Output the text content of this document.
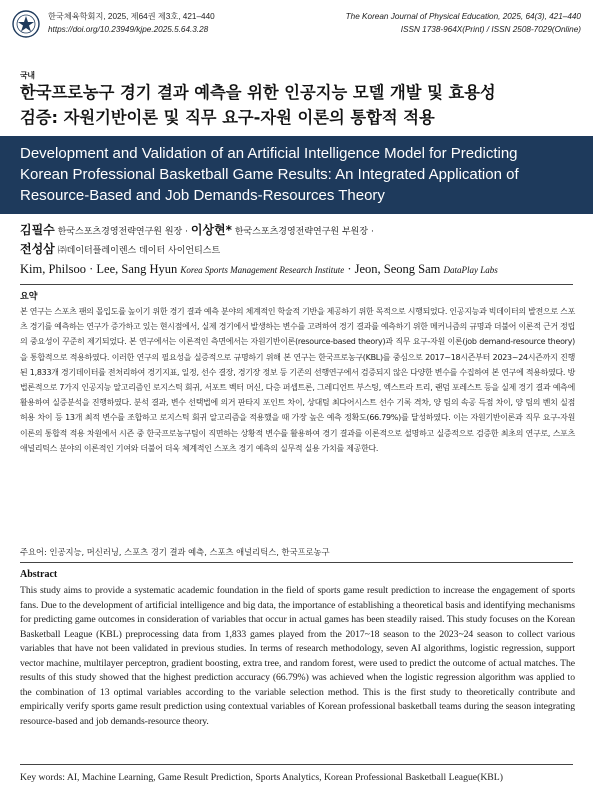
한국체육학회지, 2025, 제64권 제3호, 421–440
https://doi.org/10.23949/kjpe.2025.5.64.3.28
The Korean Journal of Physical Education, 2025, 64(3), 421–440
ISSN 1738-964X(Print) / ISSN 2508-7029(Online)
국내
한국프로농구 경기 결과 예측을 위한 인공지능 모델 개발 및 효용성
검증: 자원기반이론 및 직무 요구-자원 이론의 통합적 적용
Development and Validation of an Artificial Intelligence Model for Predicting
Korean Professional Basketball Game Results: An Integrated Application of
Resource-Based and Job Demands-Resources Theory
김필수 한국스포츠경영전략연구원 원장 · 이상현* 한국스포츠경영전략연구원 부원장 ·
전성삼 ㈜데이터플레이렌스 데이터 사이언티스트
Kim, Philsoo · Lee, Sang Hyun Korea Sports Management Research Institute · Jeon, Seong Sam DataPlay Labs
요약
본 연구는 스포츠 팬의 몰입도를 높이기 위한 경기 결과 예측 분야의 체계적인 학술적 기반을 제공하기 위한 목적으로 시행되었다. 인공지능과 빅데이터의 발전으로 스포츠 경기를 예측하는 연구가 증가하고 있는 현시점에서, 실제 경기에서 발생하는 변수를 고려하여 경기 결과를 예측하기 위한 메커니즘의 규명과 더불어 이론적 근거 정립의 중요성이 꾸준히 제기되었다. 본 연구에서는 이론적인 측면에서는 자원기반이론(resource-based theory)과 직무 요구-자원 이론(job demand-resource theory)을 통합적으로 적용하였다. 이러한 연구의 필요성을 실증적으로 규명하기 위해 본 연구는 한국프로농구(KBL)를 중심으로 2017~18시즌부터 2023~24시즌까지 진행된 1,833개 경기데이터를 전처리하여 경기지표, 일정, 선수 결장, 경기장 정보 등 기존의 선행연구에서 검증되지 않은 다양한 변수를 수집하여 본 연구에 적용하였다. 방법론적으로 7가지 인공지능 알고리즘인 로지스틱 회귀, 서포트 벡터 머신, 다층 퍼셉트론, 그레디언트 부스팅, 엑스트라 트리, 랜덤 포레스트 등을 실제 경기 결과 예측에 활용하여 실증분석을 진행하였다. 분석 결과, 변수 선택법에 의거 판타지 포인트 차이, 상대팀 최다어시스트 선수 기록 격차, 양 팀의 속공 득점 차이, 양 팀의 벤치 실점 허용 차이 등 13개 최적 변수를 조합하고 로지스틱 회귀 알고리즘을 적용했을 때 가장 높은 예측 정확도(66.79%)를 달성하였다. 이는 자원기반이론과 직무 요구-자원 이론의 통합적 적용 차원에서 시즌 중 한국프로농구팀이 직면하는 상황적 변수를 활용하여 경기 결과를 이론적으로 설명하고 실증적으로 검증한 최초의 연구로, 스포츠 애널리틱스 분야의 이론적인 기여와 더불어 더욱 체계적인 스포츠 경기 예측의 실무적 실용 가치를 제공한다.
주요어: 인공지능, 머신러닝, 스포츠 경기 결과 예측, 스포츠 애널리틱스, 한국프로농구
Abstract
This study aims to provide a systematic academic foundation in the field of sports game result prediction to increase the engagement of sports fans. Due to the development of artificial intelligence and big data, the importance of establishing a theoretical basis and identifying mechanisms for predicting game outcomes in consideration of variables that occur in actual games has been steadily raised. This study focuses on the Korean Basketball League (KBL) preprocessing data from 1,833 games played from the 2017~18 season to the 2023~24 season to collect various variables that have not been validated in previous studies. In terms of research methodology, seven AI algorithms, logistic regression, support vector machine, multilayer perceptron, gradient boosting, extra tree, and random forest, were used to predict the outcome of actual matches. The results of this study showed that the highest prediction accuracy (66.79%) was achieved when the logistic regression algorithm was applied to the combination of 13 optimal variables according to the variable selection method. This is the first study to theoretically contribute and empirically verify sports game result prediction using contextual variables of Korean professional basketball teams during the season integrating resource-based and job demands-resource theory.
Key words: AI, Machine Learning, Game Result Prediction, Sports Analytics, Korean Professional Basketball League(KBL)
